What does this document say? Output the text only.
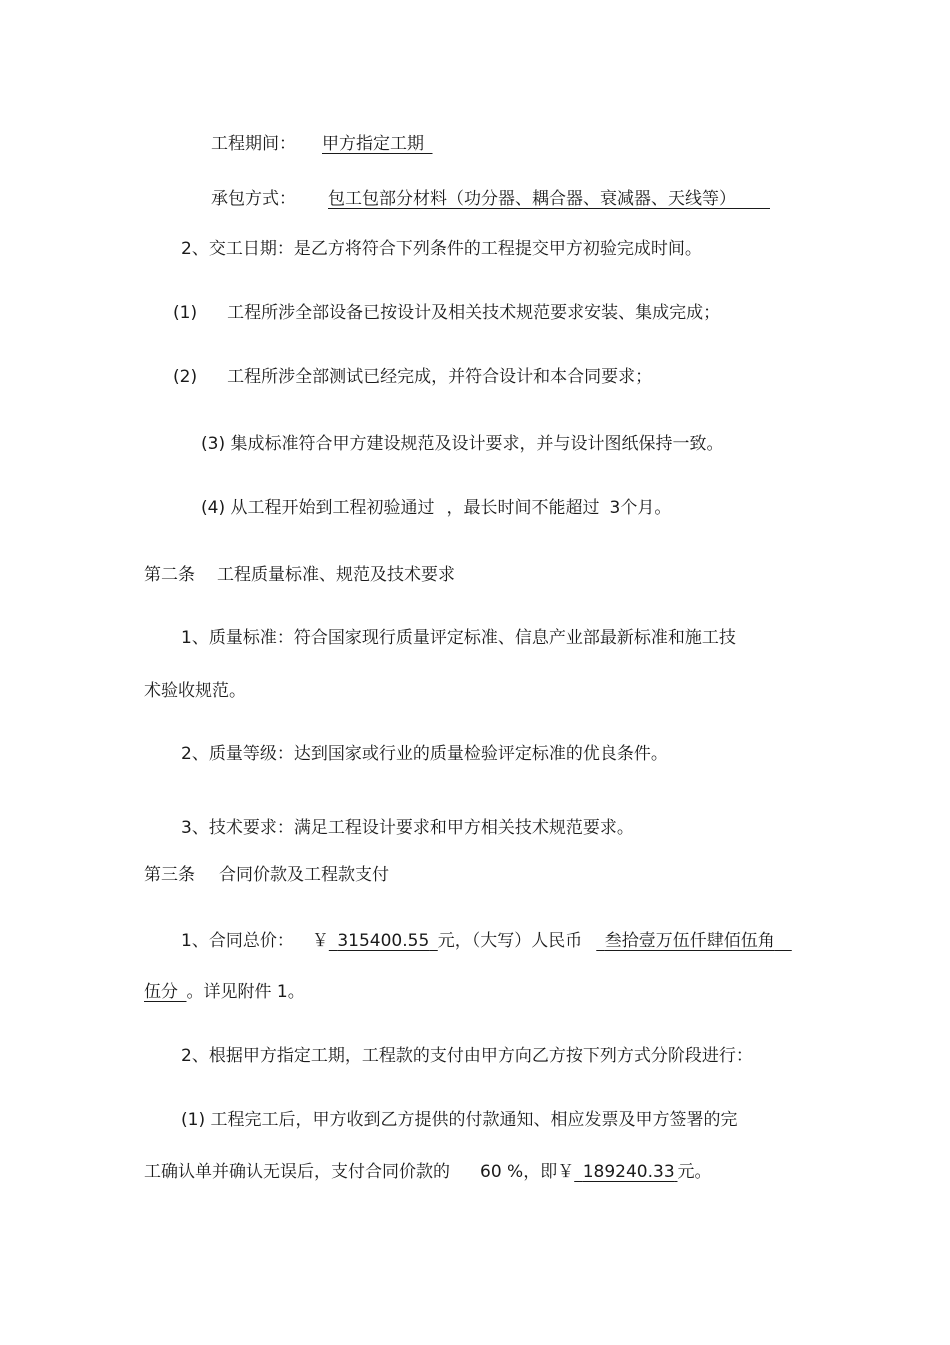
工程期间： 甲方指定工期 
承包方式： 包工包部分材料（功分器、耦合器、衰减器、天线等）  
2、交工日期：是乙方将符合下列条件的工程提交甲方初验完成时间。
(1) 工程所涉全部设备已按设计及相关技术规范要求安装、集成完成；
(2) 工程所涉全部测试已经完成，并符合设计和本合同要求；
(3) 集成标准符合甲方建设规范及设计要求，并与设计图纸保持一致。
(4) 从工程开始到工程初验通过 ，最长时间不能超过 3个月。
第二条 工程质量标准、规范及技术要求
1、质量标准：符合国家现行质量评定标准、信息产业部最新标准和施工技
术验收规范。
2、质量等级：达到国家或行业的质量检验评定标准的优良条件。
3、技术要求：满足工程设计要求和甲方相关技术规范要求。
第三条 合同价款及工程款支付
1、合同总价： ￥  315400.55  元，（大写）人民币  叁拾壹万伍仟肆佰伍角 
伍分  。详见附件 1。
2、根据甲方指定工期，工程款的支付由甲方向乙方按下列方式分阶段进行：
(1) 工程完工后，甲方收到乙方提供的付款通知、相应发票及甲方签署的完
工确认单并确认无误后，支付合同价款的 60 %，即￥  189240.33  元。
